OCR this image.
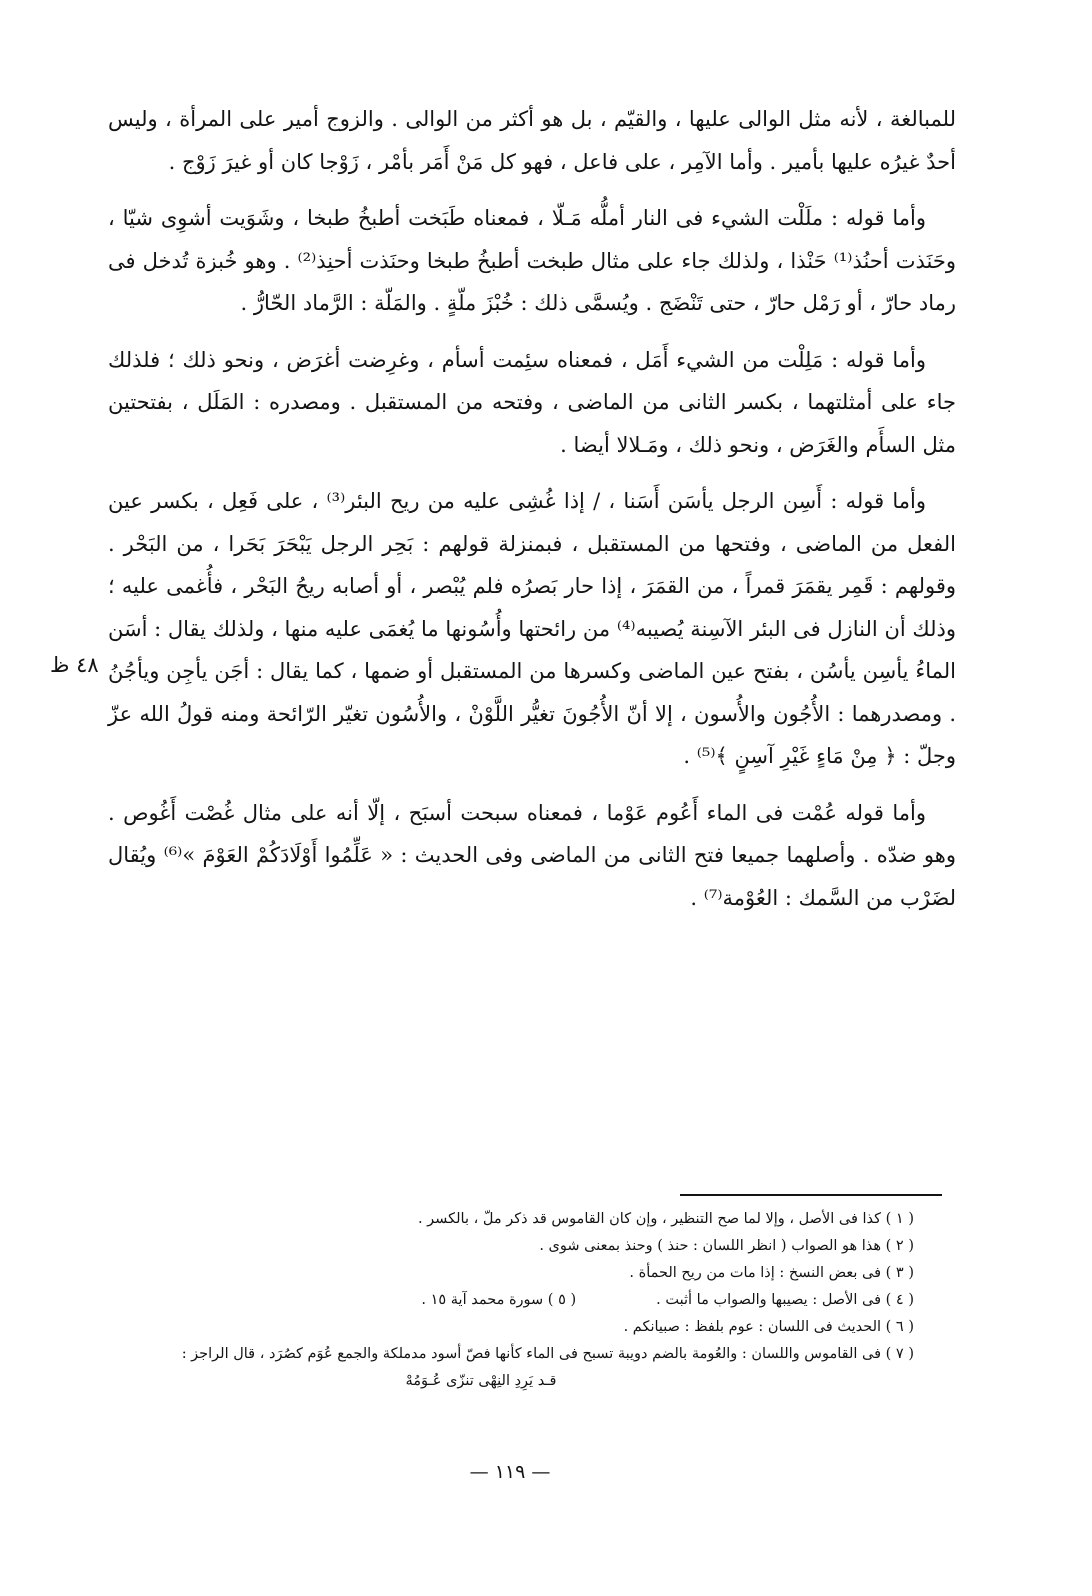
للمبالغة ، لأنه مثل الوالى عليها ، والقيّم ، بل هو أكثر من الوالى . والزوج أمير على المرأة ، وليس أحدٌ غيرُه عليها بأمير . وأما الآمِر ، على فاعل ، فهو كل مَنْ أَمَر بأمْر ، زَوْجا كان أو غيرَ زَوْج .

وأما قوله : ملَلْت الشيء فى النار أملُّه مَـلّا ، فمعناه طَبَخت أطبخُ طبخا ، وشَوَيت أشوِى شيّا ، وحَنَذت أحنُذ⁽¹⁾ حَنْذا ، ولذلك جاء على مثال طبخت أطبخُ طبخا وحنَذت أحنِذ⁽²⁾ . وهو خُبزة تُدخل فى رماد حارّ ، أو رَمْل حارّ ، حتى تَنْضَج . ويُسمَّى ذلك : خُبْزَ ملّةٍ . والمَلّة : الرَّماد الحّارُّ .

وأما قوله : مَلِلْت من الشيء أَمَل ، فمعناه سئِمت أسأم ، وغرِضت أغرَض ، ونحو ذلك ؛ فلذلك جاء على أمثلتهما ، بكسر الثانى من الماضى ، وفتحه من المستقبل . ومصدره : المَلَل ، بفتحتين مثل السأَم والغَرَض ، ونحو ذلك ، ومَـلالا أيضا .

وأما قوله : أَسِن الرجل يأسَن أَسَنا ، / إذا غُشِى عليه من ريح البئر⁽³⁾ ، على فَعِل ، بكسر عين الفعل من الماضى ، وفتحها من المستقبل ، فبمنزلة قولهم : بَحِر الرجل يَبْحَرَ بَحَرا ، من البَحْر . وقولهم : قَمِر يقمَرَ قمراً ، من القمَرَ ، إذا حار بَصرُه فلم يُبْصر ، أو أصابه ريحُ البَحْر ، فأُغمى عليه ؛ وذلك أن النازل فى البئر الآسِنة يُصيبه⁽⁴⁾ من رائحتها وأُسُونها ما يُغمَى عليه منها ، ولذلك يقال : أسَن الماءُ يأسِن يأسُن ، بفتح عين الماضى وكسرها من المستقبل أو ضمها ، كما يقال : أجَن يأجِن ويأجُنُ . ومصدرهما : الأُجُون والأُسون ، إلا أنّ الأُجُونَ تغيُّر اللَّوْنْ ، والأُسُون تغيّر الرّائحة ومنه قولُ الله عزّ وجلّ : ﴿ مِنْ مَاءٍ غَيْرِ آسِنٍ ﴾⁽⁵⁾ .

وأما قوله عُمْت فى الماء أَعُوم عَوْما ، فمعناه سبحت أسبَح ، إلّا أنه على مثال غُصْت أَغُوص . وهو ضدّه . وأصلهما جميعا فتح الثانى من الماضى وفى الحديث : « عَلِّمُوا أَوْلَادَكُمْ العَوْمَ »⁽⁶⁾ ويُقال لضَرْب من السَّمك : العُوْمة⁽⁷⁾ .

٤٨ ظ
( ١ ) كذا فى الأصل ، وإلا لما صح التنظير ، وإن كان القاموس قد ذكر ملّ ، بالكسر .
( ٢ ) هذا هو الصواب ( انظر اللسان : حنذ ) وحنذ بمعنى شوى .
( ٣ ) فى بعض النسخ : إذا مات من ريح الحمأة .
( ٤ ) فى الأصل : يصيبها والصواب ما أثبت .
( ٥ ) سورة محمد آية ١٥ .
( ٦ ) الحديث فى اللسان : عوم بلفظ : صبيانكم .
( ٧ ) فى القاموس واللسان : والعُومة بالضم دويبة تسبح فى الماء كأنها فصّ أسود مدملكة والجمع عُوَم كصُرَد ، قال الراجز :
قـد يَرِدِ النِهْى تنزّى عُـوَمُهْ
— ١١٩ —
